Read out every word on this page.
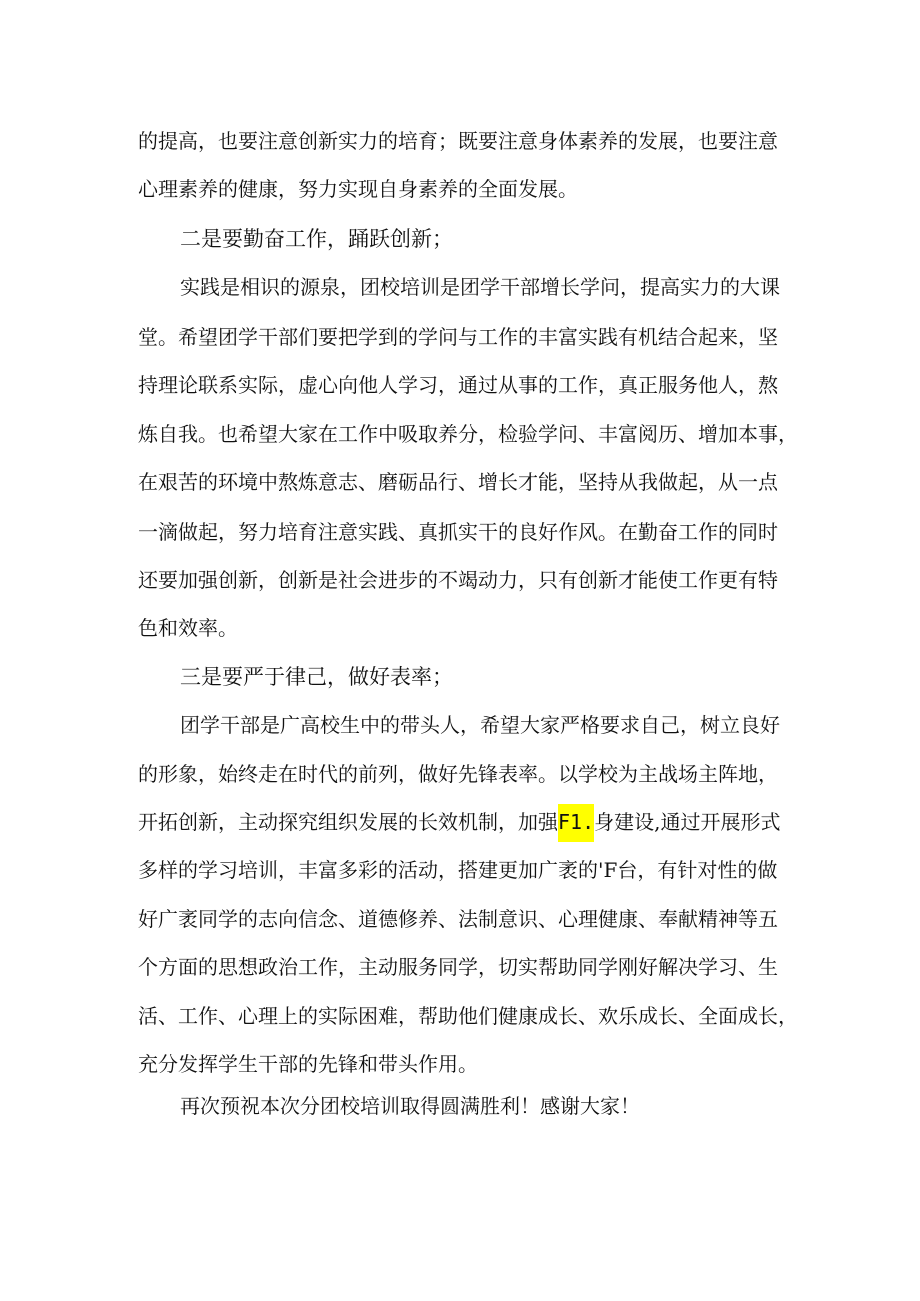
的提高，也要注意创新实力的培育；既要注意身体素养的发展，也要注意
心理素养的健康，努力实现自身素养的全面发展。
二是要勤奋工作，踊跃创新；
实践是相识的源泉，团校培训是团学干部增长学问，提高实力的大课
堂。希望团学干部们要把学到的学问与工作的丰富实践有机结合起来，坚
持理论联系实际，虚心向他人学习，通过从事的工作，真正服务他人，熬
炼自我。也希望大家在工作中吸取养分，检验学问、丰富阅历、增加本事，
在艰苦的环境中熬炼意志、磨砺品行、增长才能，坚持从我做起，从一点
一滴做起，努力培育注意实践、真抓实干的良好作风。在勤奋工作的同时
还要加强创新，创新是社会进步的不竭动力，只有创新才能使工作更有特
色和效率。
三是要严于律己，做好表率；
团学干部是广高校生中的带头人，希望大家严格要求自己，树立良好
的形象，始终走在时代的前列，做好先锋表率。以学校为主战场主阵地，
开拓创新，主动探究组织发展的长效机制，加强F1.身建设,通过开展形式
多样的学习培训，丰富多彩的活动，搭建更加广袤的'F台，有针对性的做
好广袤同学的志向信念、道德修养、法制意识、心理健康、奉献精神等五
个方面的思想政治工作，主动服务同学，切实帮助同学刚好解决学习、生
活、工作、心理上的实际困难，帮助他们健康成长、欢乐成长、全面成长，
充分发挥学生干部的先锋和带头作用。
再次预祝本次分团校培训取得圆满胜利！感谢大家！
